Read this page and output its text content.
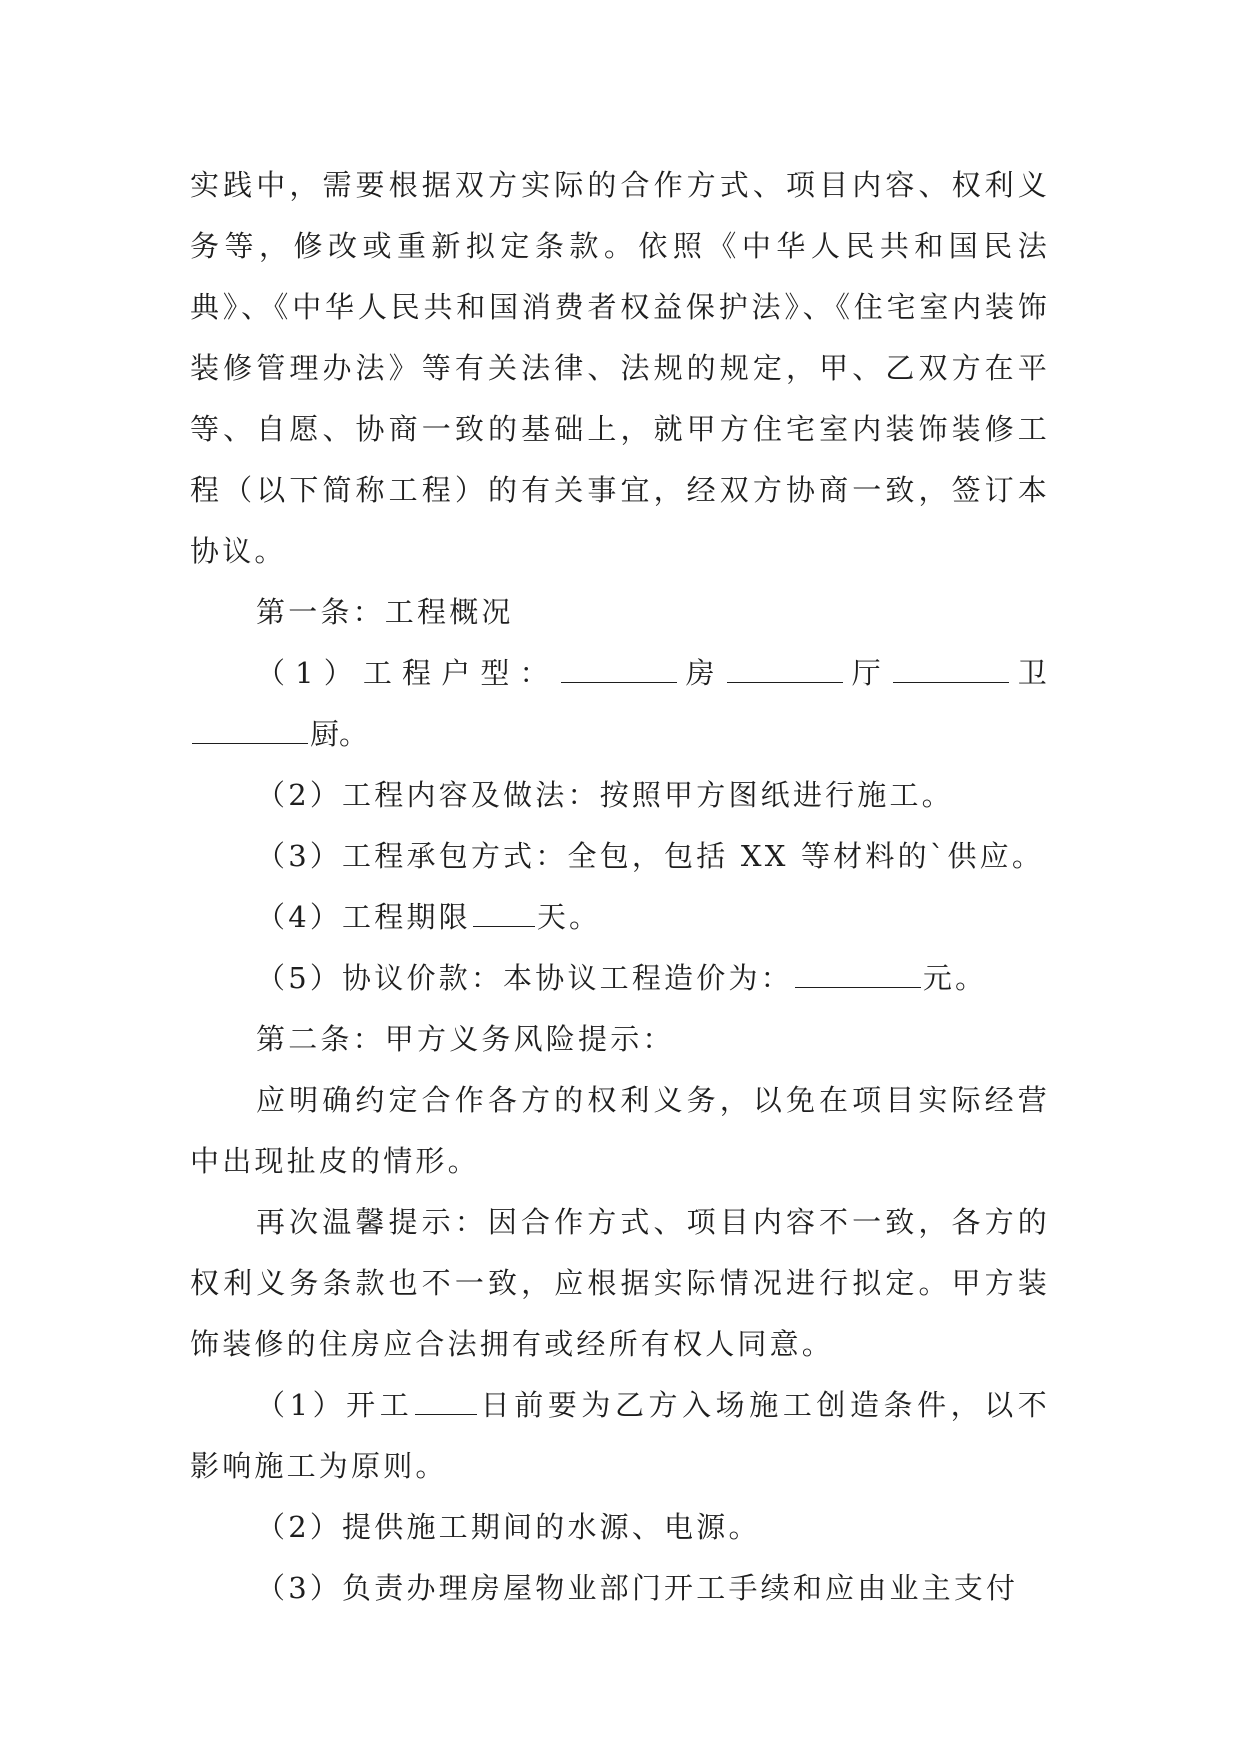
实践中，需要根据双方实际的合作方式、项目内容、权利义务等，修改或重新拟定条款。依照《中华人民共和国民法典》、《中华人民共和国消费者权益保护法》、《住宅室内装饰装修管理办法》等有关法律、法规的规定，甲、乙双方在平等、自愿、协商一致的基础上，就甲方住宅室内装饰装修工程（以下简称工程）的有关事宜，经双方协商一致，签订本协议。

第一条：工程概况

（1）工程户型：	房	厅	卫厨。

（2）工程内容及做法：按照甲方图纸进行施工。

（3）工程承包方式：全包，包括 XX 等材料的`供应。

（4）工程期限 天。

（5）协议价款：本协议工程造价为：	元。

第二条：甲方义务风险提示：

应明确约定合作各方的权利义务，以免在项目实际经营中出现扯皮的情形。

再次温馨提示：因合作方式、项目内容不一致，各方的权利义务条款也不一致，应根据实际情况进行拟定。甲方装饰装修的住房应合法拥有或经所有权人同意。

（1）开工 日前要为乙方入场施工创造条件，以不影响施工为原则。

（2）提供施工期间的水源、电源。

（3）负责办理房屋物业部门开工手续和应由业主支付
